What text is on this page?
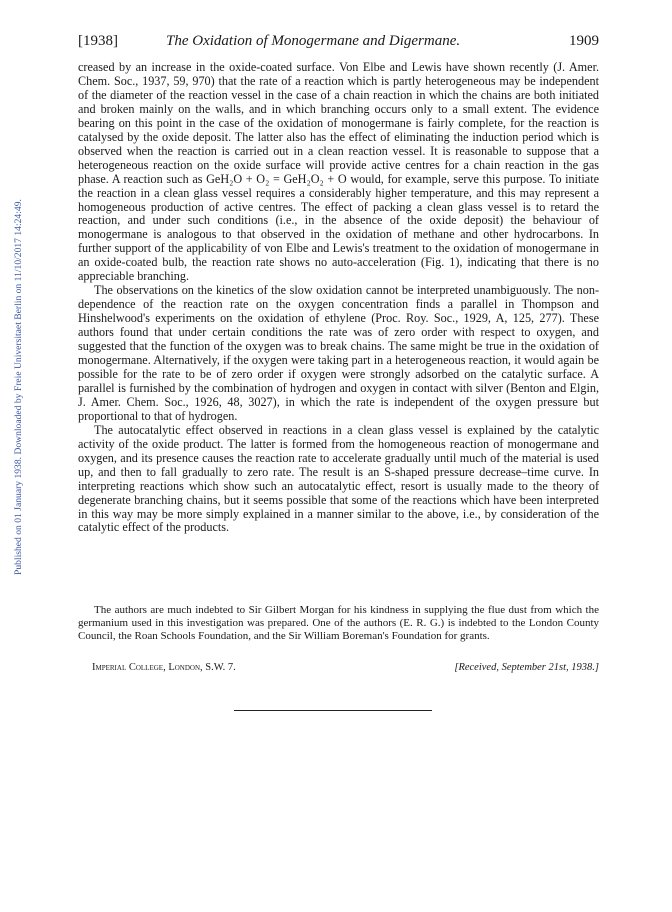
Published on 01 January 1938. Downloaded by Freie Universitaet Berlin on 11/10/2017 14:24:49.
[1938]	The Oxidation of Monogermane and Digermane.	1909

creased by an increase in the oxide-coated surface. Von Elbe and Lewis have shown recently (J. Amer. Chem. Soc., 1937, 59, 970) that the rate of a reaction which is partly heterogeneous may be independent of the diameter of the reaction vessel in the case of a chain reaction in which the chains are both initiated and broken mainly on the walls, and in which branching occurs only to a small extent. The evidence bearing on this point in the case of the oxidation of monogermane is fairly complete, for the reaction is catalysed by the oxide deposit. The latter also has the effect of eliminating the induction period which is observed when the reaction is carried out in a clean reaction vessel. It is reasonable to suppose that a heterogeneous reaction on the oxide surface will provide active centres for a chain reaction in the gas phase. A reaction such as GeH₂O + O₂ = GeH₂O₂ + O would, for example, serve this purpose. To initiate the reaction in a clean glass vessel requires a considerably higher temperature, and this may represent a homogeneous production of active centres. The effect of packing a clean glass vessel is to retard the reaction, and under such conditions (i.e., in the absence of the oxide deposit) the behaviour of monogermane is analogous to that observed in the oxidation of methane and other hydrocarbons. In further support of the applicability of von Elbe and Lewis's treatment to the oxidation of monogermane in an oxide-coated bulb, the reaction rate shows no auto-acceleration (Fig. 1), indicating that there is no appreciable branching.

The observations on the kinetics of the slow oxidation cannot be interpreted unambiguously. The non-dependence of the reaction rate on the oxygen concentration finds a parallel in Thompson and Hinshelwood's experiments on the oxidation of ethylene (Proc. Roy. Soc., 1929, A, 125, 277). These authors found that under certain conditions the rate was of zero order with respect to oxygen, and suggested that the function of the oxygen was to break chains. The same might be true in the oxidation of monogermane. Alternatively, if the oxygen were taking part in a heterogeneous reaction, it would again be possible for the rate to be of zero order if oxygen were strongly adsorbed on the catalytic surface. A parallel is furnished by the combination of hydrogen and oxygen in contact with silver (Benton and Elgin, J. Amer. Chem. Soc., 1926, 48, 3027), in which the rate is independent of the oxygen pressure but proportional to that of hydrogen.

The autocatalytic effect observed in reactions in a clean glass vessel is explained by the catalytic activity of the oxide product. The latter is formed from the homogeneous reaction of monogermane and oxygen, and its presence causes the reaction rate to accelerate gradually until much of the material is used up, and then to fall gradually to zero rate. The result is an S-shaped pressure decrease–time curve. In interpreting reactions which show such an autocatalytic effect, resort is usually made to the theory of degenerate branching chains, but it seems possible that some of the reactions which have been interpreted in this way may be more simply explained in a manner similar to the above, i.e., by consideration of the catalytic effect of the products.

The authors are much indebted to Sir Gilbert Morgan for his kindness in supplying the flue dust from which the germanium used in this investigation was prepared. One of the authors (E. R. G.) is indebted to the London County Council, the Roan Schools Foundation, and the Sir William Boreman's Foundation for grants.

Imperial College, London, S.W. 7.	[Received, September 21st, 1938.]
